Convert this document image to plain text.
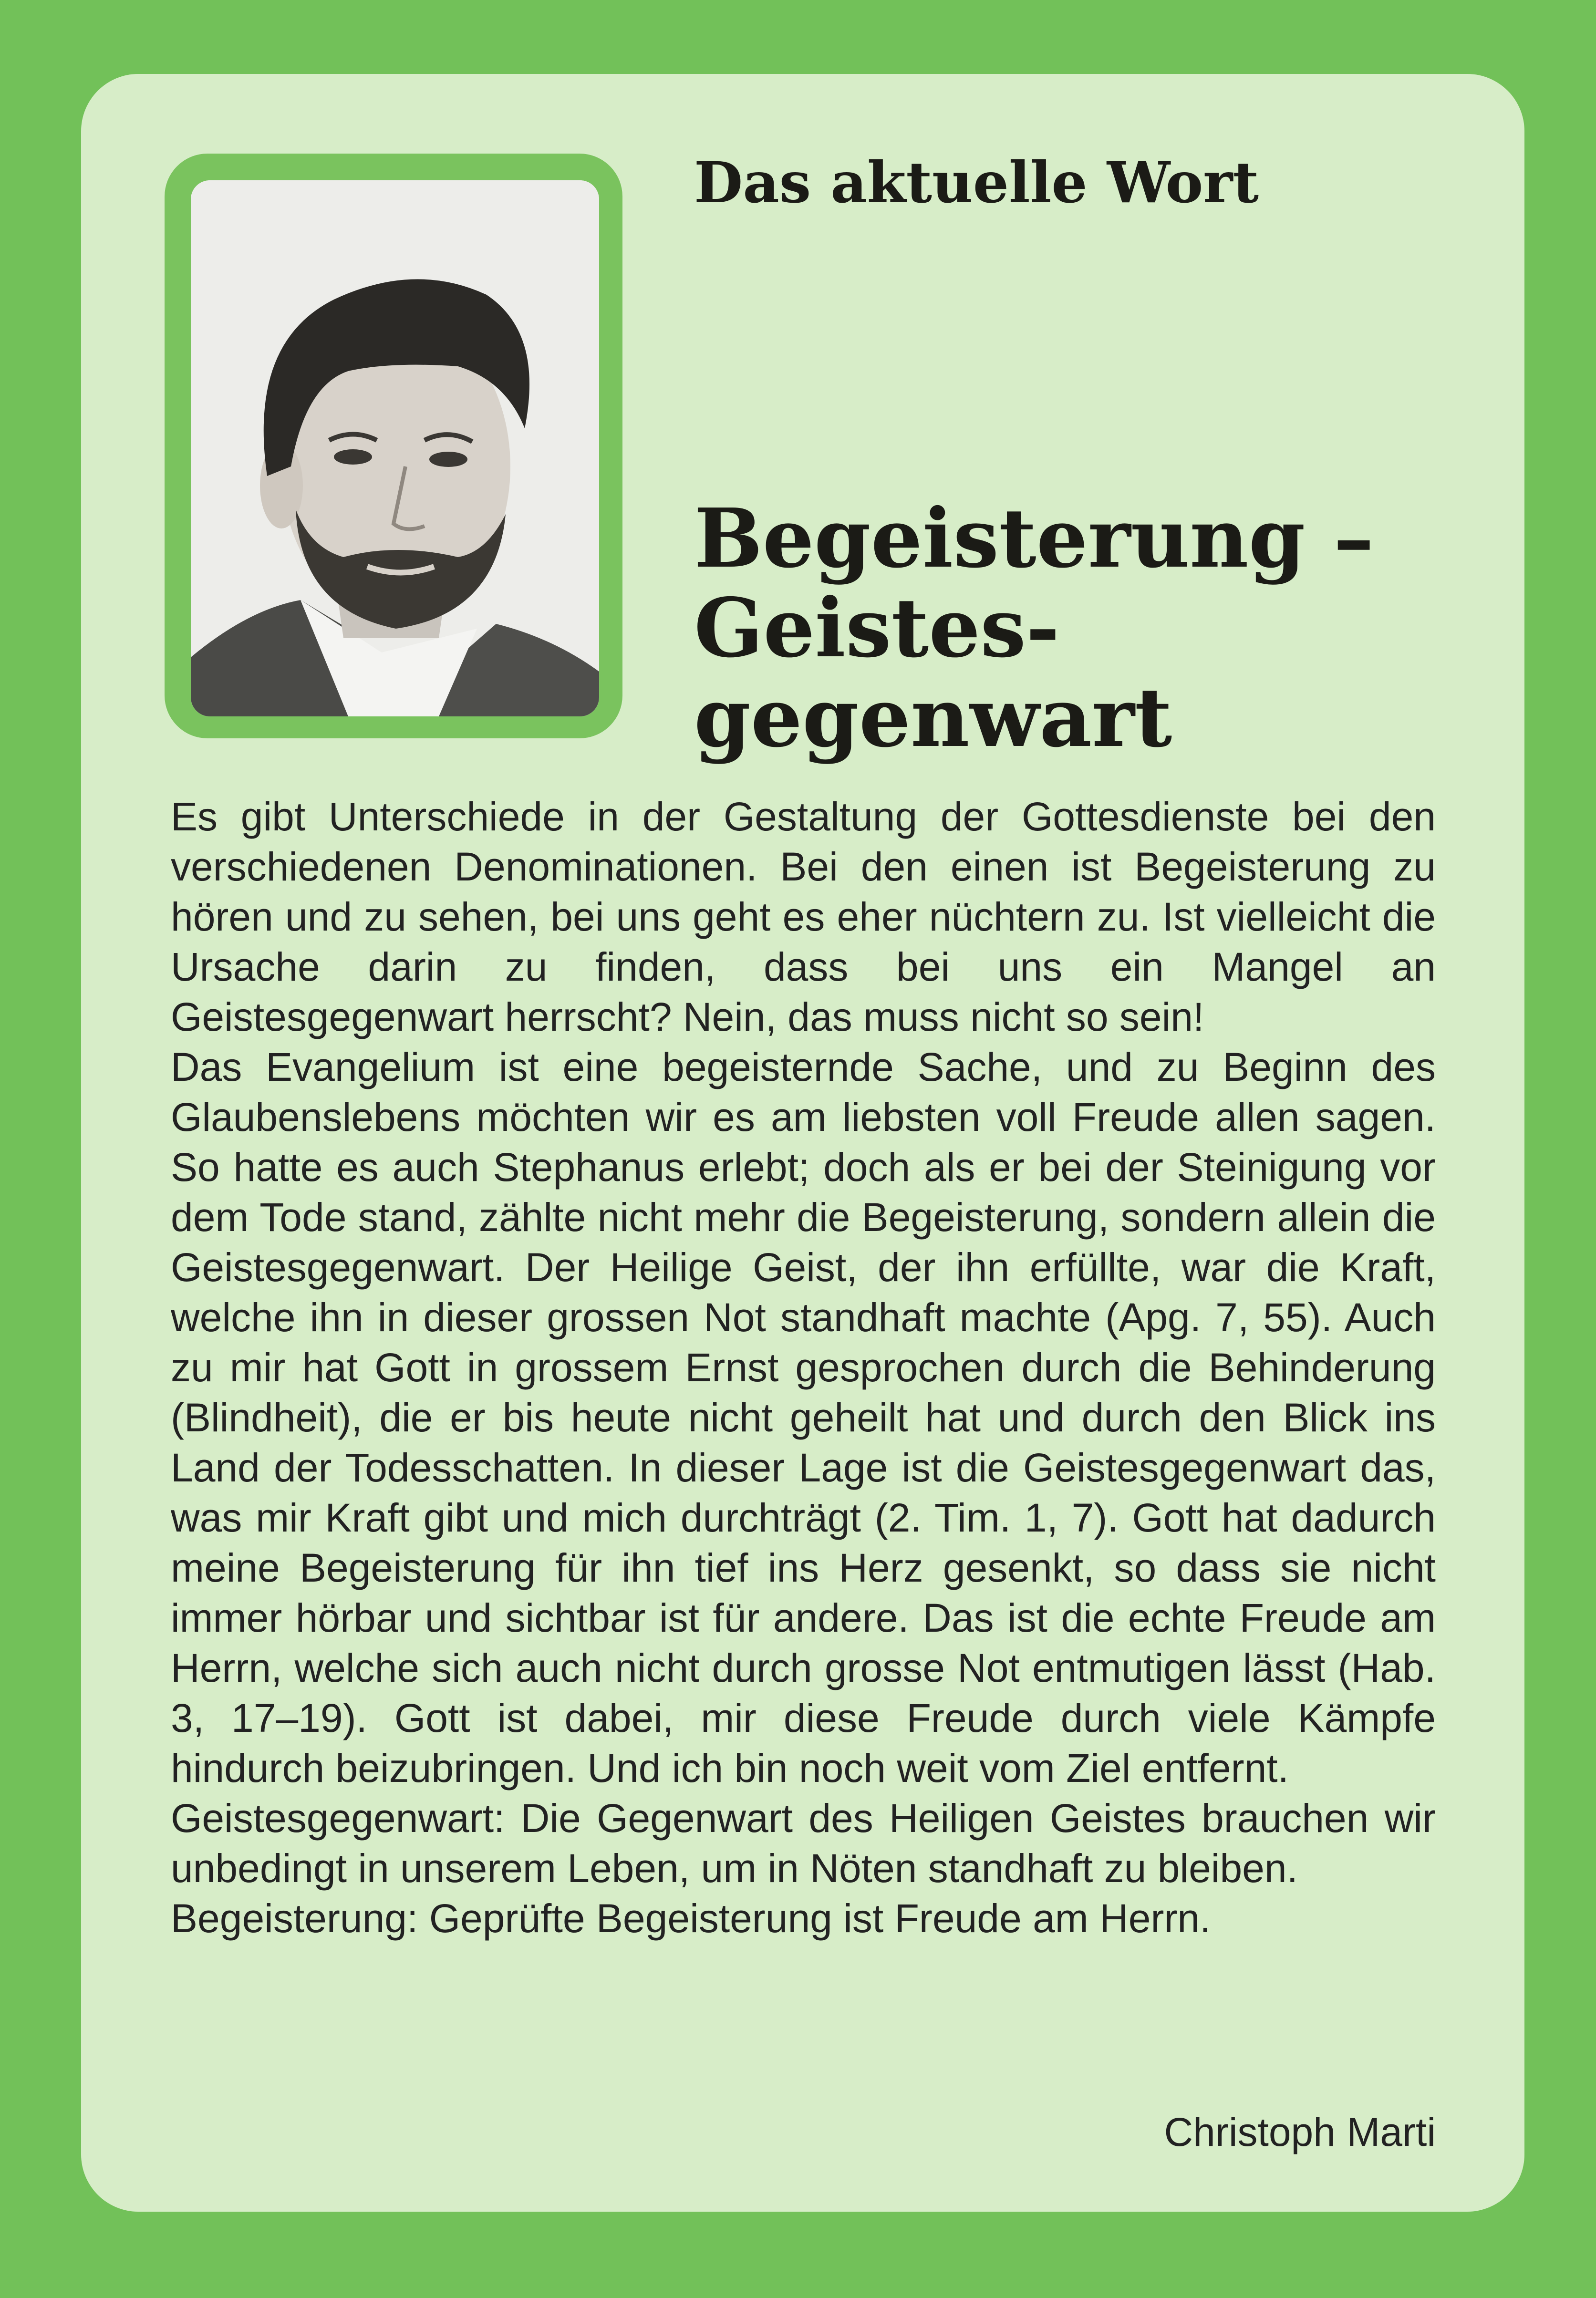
Das aktuelle Wort
Begeisterung –
Geistes-
gegenwart

Es gibt Unterschiede in der Gestaltung der Gottesdienste bei den verschiedenen Denominationen. Bei den einen ist Begeisterung zu hören und zu sehen, bei uns geht es eher nüchtern zu. Ist vielleicht die Ursache darin zu finden, dass bei uns ein Mangel an Geistesgegenwart herrscht? Nein, das muss nicht so sein!

Das Evangelium ist eine begeisternde Sache, und zu Beginn des Glaubenslebens möchten wir es am liebsten voll Freude allen sagen. So hatte es auch Stephanus erlebt; doch als er bei der Steinigung vor dem Tode stand, zählte nicht mehr die Begeisterung, sondern allein die Geistesgegenwart. Der Heilige Geist, der ihn erfüllte, war die Kraft, welche ihn in dieser grossen Not standhaft machte (Apg. 7, 55). Auch zu mir hat Gott in grossem Ernst gesprochen durch die Behinderung (Blindheit), die er bis heute nicht geheilt hat und durch den Blick ins Land der Todesschatten. In dieser Lage ist die Geistesgegenwart das, was mir Kraft gibt und mich durchträgt (2. Tim. 1, 7). Gott hat dadurch meine Begeisterung für ihn tief ins Herz gesenkt, so dass sie nicht immer hörbar und sichtbar ist für andere. Das ist die echte Freude am Herrn, welche sich auch nicht durch grosse Not entmutigen lässt (Hab. 3, 17–19). Gott ist dabei, mir diese Freude durch viele Kämpfe hindurch beizubringen. Und ich bin noch weit vom Ziel entfernt.

Geistesgegenwart: Die Gegenwart des Heiligen Geistes brauchen wir unbedingt in unserem Leben, um in Nöten standhaft zu bleiben.

Begeisterung: Geprüfte Begeisterung ist Freude am Herrn.

Christoph Marti
